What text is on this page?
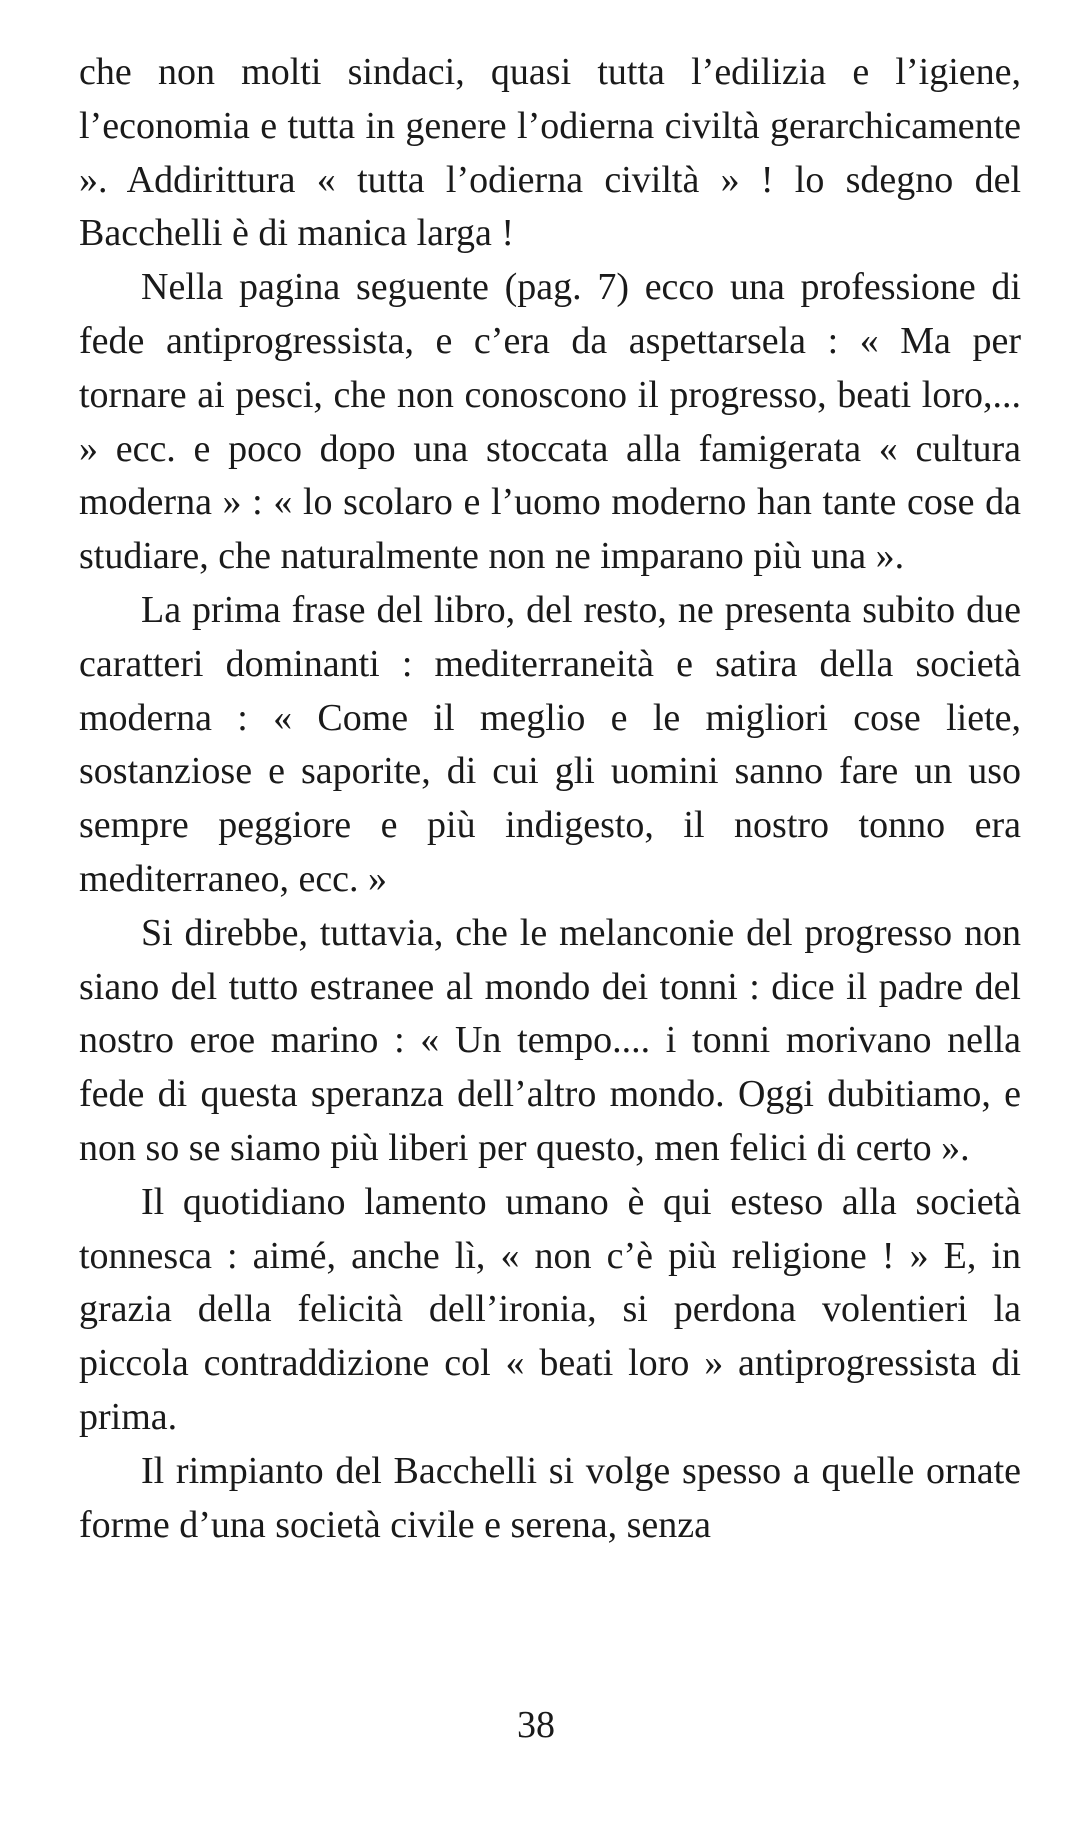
che non molti sindaci, quasi tutta l’edilizia e l’igiene, l’economia e tutta in genere l’odierna civiltà gerarchicamente ». Addirittura « tutta l’odierna civiltà » ! lo sdegno del Bacchelli è di manica larga !

Nella pagina seguente (pag. 7) ecco una professione di fede antiprogressista, e c’era da aspettarsela : « Ma per tornare ai pesci, che non conoscono il progresso, beati loro,... » ecc. e poco dopo una stoccata alla famigerata « cultura moderna » : « lo scolaro e l’uomo moderno han tante cose da studiare, che naturalmente non ne imparano più una ».

La prima frase del libro, del resto, ne presenta subito due caratteri dominanti : mediterraneità e satira della società moderna : « Come il meglio e le migliori cose liete, sostanziose e saporite, di cui gli uomini sanno fare un uso sempre peggiore e più indigesto, il nostro tonno era mediterraneo, ecc. »

Si direbbe, tuttavia, che le melanconie del progresso non siano del tutto estranee al mondo dei tonni : dice il padre del nostro eroe marino : « Un tempo.... i tonni morivano nella fede di questa speranza dell’altro mondo. Oggi dubitiamo, e non so se siamo più liberi per questo, men felici di certo ».

Il quotidiano lamento umano è qui esteso alla società tonnesca : aimé, anche lì, « non c’è più religione ! » E, in grazia della felicità dell’ironia, si perdona volentieri la piccola contraddizione col « beati loro » antiprogressista di prima.

Il rimpianto del Bacchelli si volge spesso a quelle ornate forme d’una società civile e serena, senza

38
